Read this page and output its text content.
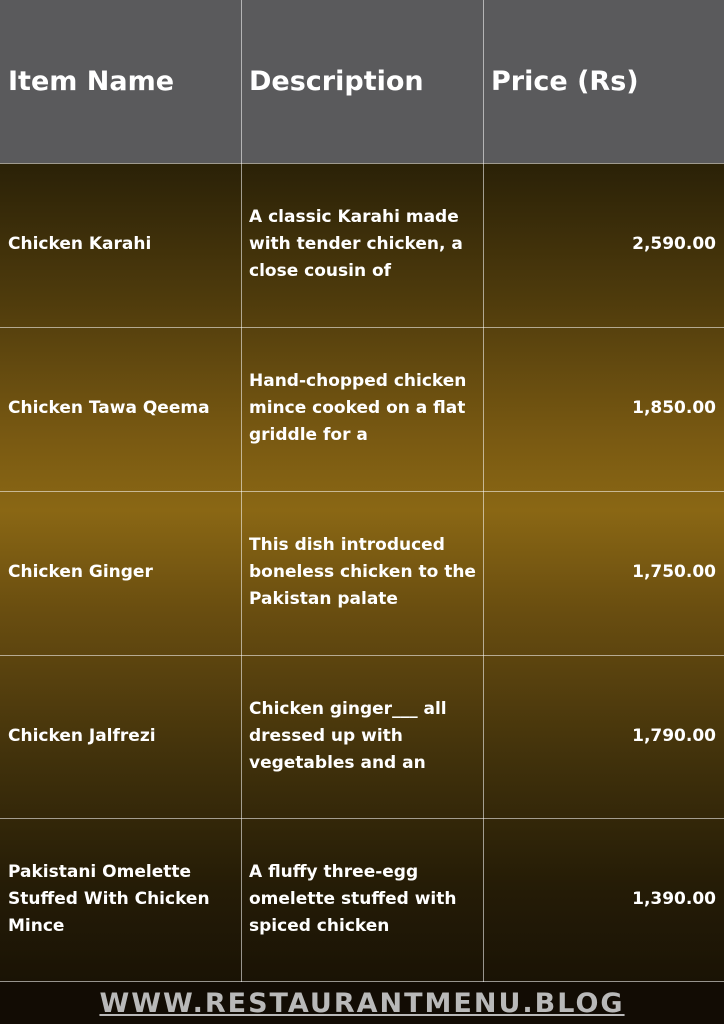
Item Name	Description	Price (Rs)
Chicken Karahi
A classic Karahi made with tender chicken, a close cousin of
2,590.00
Chicken Tawa Qeema
Hand-chopped chicken mince cooked on a flat griddle for a
1,850.00
Chicken Ginger
This dish introduced boneless chicken to the Pakistan palate
1,750.00
Chicken Jalfrezi
Chicken ginger___ all dressed up with vegetables and an
1,790.00
Pakistani Omelette Stuffed With Chicken Mince
A fluffy three-egg omelette stuffed with spiced chicken
1,390.00
WWW.RESTAURANTMENU.BLOG
